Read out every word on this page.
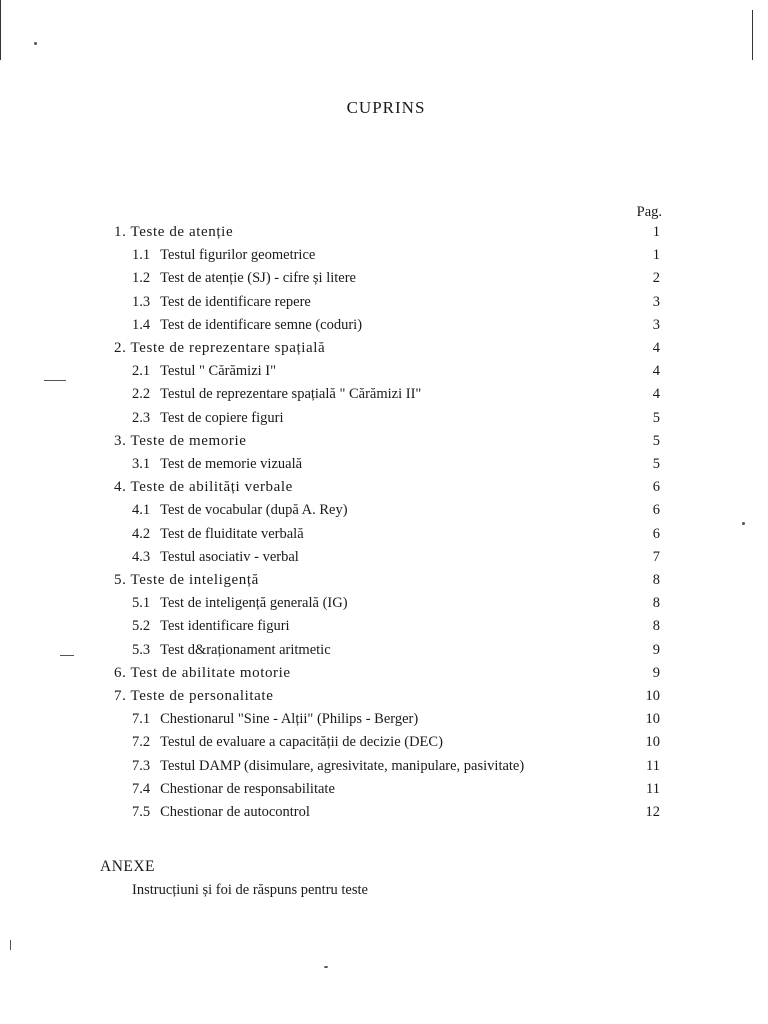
CUPRINS
Pag.
1. Teste de atenție	1
1.1 Testul figurilor geometrice	1
1.2 Test de atenție (SJ) - cifre și litere	2
1.3 Test de identificare repere	3
1.4 Test de identificare semne (coduri)	3
2. Teste de reprezentare spațială	4
2.1 Testul " Cărămizi I"	4
2.2 Testul de reprezentare spațială " Cărămizi II"	4
2.3 Test de copiere figuri	5
3. Teste de memorie	5
3.1 Test de memorie vizuală	5
4. Teste de abilități verbale	6
4.1 Test de vocabular (după A. Rey)	6
4.2 Test de fluiditate verbală	6
4.3 Testul asociativ - verbal	7
5. Teste de inteligență	8
5.1 Test de inteligență generală (IG)	8
5.2 Test identificare figuri	8
5.3 Test d&raționament aritmetic	9
6. Test de abilitate motorie	9
7. Teste de personalitate	10
7.1 Chestionarul "Sine - Alții" (Philips - Berger)	10
7.2 Testul de evaluare a capacității de decizie (DEC)	10
7.3 Testul DAMP (disimulare, agresivitate, manipulare, pasivitate)	11
7.4 Chestionar de responsabilitate	11
7.5 Chestionar de autocontrol	12
ANEXE
Instrucțiuni și foi de răspuns pentru teste
